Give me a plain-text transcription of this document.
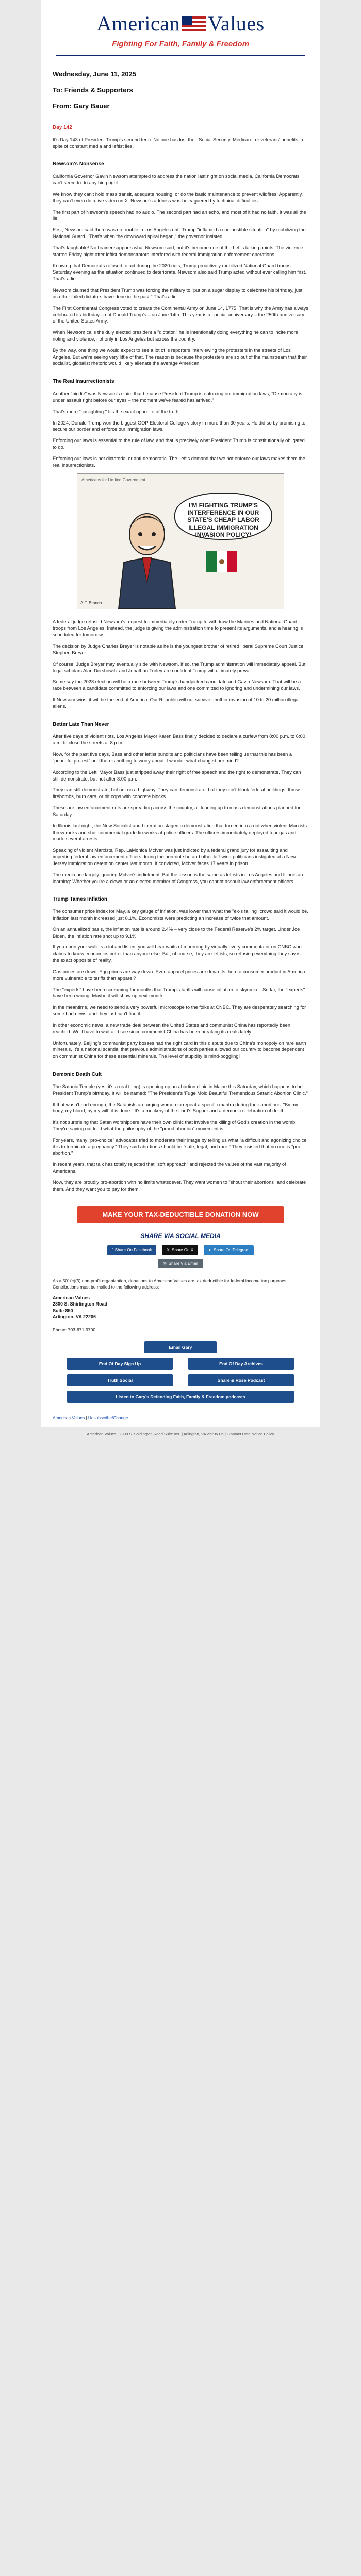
American Values
Fighting For Faith, Family & Freedom

Wednesday, June 11, 2025

To: Friends & Supporters

From: Gary Bauer

Day 142

It's Day 143 of President Trump's second term. No one has lost their Social Security, Medicare, or veterans' benefits in spite of constant media and leftist lies.

Newsom's Nonsense

California Governor Gavin Newsom attempted to address the nation last night on social media. California Democrats can't seem to do anything right.

We know they can't hold mass transit, adequate housing, or do the basic maintenance to prevent wildfires. Apparently, they can't even do a live video on X. Newsom's address was beleaguered by technical difficulties.

The first part of Newsom's speech had no audio. The second part had an echo, and most of it had no faith. It was all the lie.

First, Newsom said there was no trouble in Los Angeles until Trump "inflamed a combustible situation" by mobilizing the National Guard. "That's when the downward spiral began," the governor insisted.

That's laughable! No brainer supports what Newsom said, but it's become one of the Left's talking points. The violence started Friday night after leftist demonstrators interfered with federal immigration enforcement operations.

Knowing that Democrats refused to act during the 2020 riots, Trump proactively mobilized National Guard troops Saturday evening as the situation continued to deteriorate. Newsom also said Trump acted without ever calling him first. That's a lie.

Newsom claimed that President Trump was forcing the military to "put on a sugar display to celebrate his birthday, just as other failed dictators have done in the past." That's a lie.

The First Continental Congress voted to create the Continental Army on June 14, 1775. That is why the Army has always celebrated its birthday – not Donald Trump's – on June 14th. This year is a special anniversary – the 250th anniversary of the United States Army.

When Newsom calls the duly elected president a "dictator," he is intentionally doing everything he can to incite more rioting and violence, not only in Los Angeles but across the country.

By the way, one thing we would expect to see a lot of is reporters interviewing the protesters in the streets of Los Angeles. But we're seeing very little of that. The reason is because the protesters are so out of the mainstream that their socialist, globalist rhetoric would likely alienate the average American.

The Real Insurrectionists

Another "big lie" was Newsom's claim that because President Trump is enforcing our immigration laws, "Democracy is under assault right before our eyes – the moment we've feared has arrived."

That's more "gaslighting." It's the exact opposite of the truth.

In 2024, Donald Trump won the biggest GOP Electoral College victory in more than 30 years. He did so by promising to secure our border and enforce our immigration laws.

Enforcing our laws is essential to the rule of law, and that is precisely what President Trump is constitutionally obligated to do.

Enforcing our laws is not dictatorial or anti-democratic. The Left's demand that we not enforce our laws makes them the real insurrectionists.

Americans for Limited Government
I'M FIGHTING TRUMP'S INTERFERENCE IN OUR STATE'S CHEAP LABOR ILLEGAL IMMIGRATION INVASION POLICY!
A.F. Branco

A federal judge refused Newsom's request to immediately order Trump to withdraw the Marines and National Guard troops from Los Angeles. Instead, the judge is giving the administration time to present its arguments, and a hearing is scheduled for tomorrow.

The decision by Judge Charles Breyer is notable as he is the youngest brother of retired liberal Supreme Court Justice Stephen Breyer.

Of course, Judge Breyer may eventually side with Newsom. If so, the Trump administration will immediately appeal. But legal scholars Alan Dershowitz and Jonathan Turley are confident Trump will ultimately prevail.

Some say the 2028 election will be a race between Trump's handpicked candidate and Gavin Newsom. That will be a race between a candidate committed to enforcing our laws and one committed to ignoring and undermining our laws.

If Newsom wins, it will be the end of America. Our Republic will not survive another invasion of 10 to 20 million illegal aliens.

Better Late Than Never

After five days of violent riots, Los Angeles Mayor Karen Bass finally decided to declare a curfew from 8:00 p.m. to 6:00 a.m. to close the streets at 8 p.m.

Now, for the past five days, Bass and other leftist pundits and politicians have been telling us that this has been a "peaceful protest" and there's nothing to worry about. I wonder what changed her mind?

According to the Left, Mayor Bass just stripped away their right of free speech and the right to demonstrate. They can still demonstrate, but not after 8:00 p.m.

They can still demonstrate, but not on a highway. They can demonstrate, but they can't block federal buildings, throw firebombs, burn cars, or hit cops with concrete blocks.

These are law enforcement riots are spreading across the country, all leading up to mass demonstrations planned for Saturday.

In Illinois last night, the New Socialist and Liberation staged a demonstration that turned into a riot when violent Marxists threw rocks and shot commercial-grade fireworks at police officers. The officers immediately deployed tear gas and made several arrests.

Speaking of violent Marxists, Rep. LaMonica McIver was just indicted by a federal grand jury for assaulting and impeding federal law enforcement officers during the non-riot she and other left-wing politicians instigated at a New Jersey immigration detention center last month. If convicted, McIver faces 17 years in prison.

The media are largely ignoring McIver's indictment. But the lesson is the same as leftists in Los Angeles and Illinois are learning: Whether you're a clown or an elected member of Congress, you cannot assault law enforcement officers.

Trump Tames Inflation

The consumer price index for May, a key gauge of inflation, was lower than what the "ex-s failing" crowd said it would be. Inflation last month increased just 0.1%. Economists were predicting an increase of twice that amount.

On an annualized basis, the inflation rate is around 2.4% – very close to the Federal Reserve's 2% target. Under Joe Biden, the inflation rate shot up to 9.1%.

If you open your wallets a lot and listen, you will hear waits of mourning by virtually every commentator on CNBC who claims to know economics better than anyone else. But, of course, they are leftists, so refusing everything they say is the exact opposite of reality.

Gas prices are down. Egg prices are way down. Even apparel prices are down. Is there a consumer product in America more vulnerable to tariffs than apparel?

The "experts" have been screaming for months that Trump's tariffs will cause inflation to skyrocket. So far, the "experts" have been wrong. Maybe it will show up next month.

In the meantime, we need to send a very powerful microscope to the folks at CNBC. They are desperately searching for some bad news, and they just can't find it.

In other economic news, a new trade deal between the United States and communist China has reportedly been reached. We'll have to wait and see since communist China has been breaking its deals lately.

Unfortunately, Beijing's communist party bosses had the right card in this dispute due to China's monopoly on rare earth minerals. It's a national scandal that previous administrations of both parties allowed our country to become dependent on communist China for these essential minerals. The level of stupidity is mind-boggling!

Demonic Death Cult

The Satanic Temple (yes, it's a real thing) is opening up an abortion clinic in Maine this Saturday, which happens to be President Trump's birthday. It will be named: "The President's 'Fuge Mold Beautiful Tremendous Satanic Abortion Clinic."

If that wasn't bad enough, the Satanists are urging women to repeat a specific mantra during their abortions: "By my body, my blood, by my will, it is done." It's a mockery of the Lord's Supper and a demonic celebration of death.

It's not surprising that Satan worshippers have their own clinic that involve the killing of God's creation in the womb. They're saying out loud what the philosophy of the "proud abortion" movement is.

For years, many "pro-choice" advocates tried to moderate their image by telling us what "a difficult and agonizing choice it is to terminate a pregnancy." They said abortions should be "safe, legal, and rare." They insisted that no one is "pro-abortion."

In recent years, that talk has totally rejected that "soft approach" and rejected the values of the vast majority of Americans.

Now, they are proudly pro-abortion with no limits whatsoever. They want women to "shout their abortions" and celebrate them. And they want you to pay for them.

MAKE YOUR TAX-DEDUCTIBLE DONATION NOW
SHARE VIA SOCIAL MEDIA
f Share On Facebook	𝕏 Share On X	➤ Share On Telegram
✉ Share Via Email

As a 501(c)(3) non-profit organization, donations to American Values are tax deductible for federal income tax purposes. Contributions must be mailed to the following address:

American Values
2800 S. Shirlington Road
Suite 850
Arlington, VA 22206

Phone: 703-671-9700
Email Gary
End Of Day Sign Up	End Of Day Archives
Truth Social	Share & Rose Podcast
Listen to Gary's Defending Faith, Family & Freedom podcasts
American Values | Unsubscribe/Change
American Values | 2800 S. Shirlington Road Suite 850 | Arlington, VA 22206 US | Contact Data Notice Policy
